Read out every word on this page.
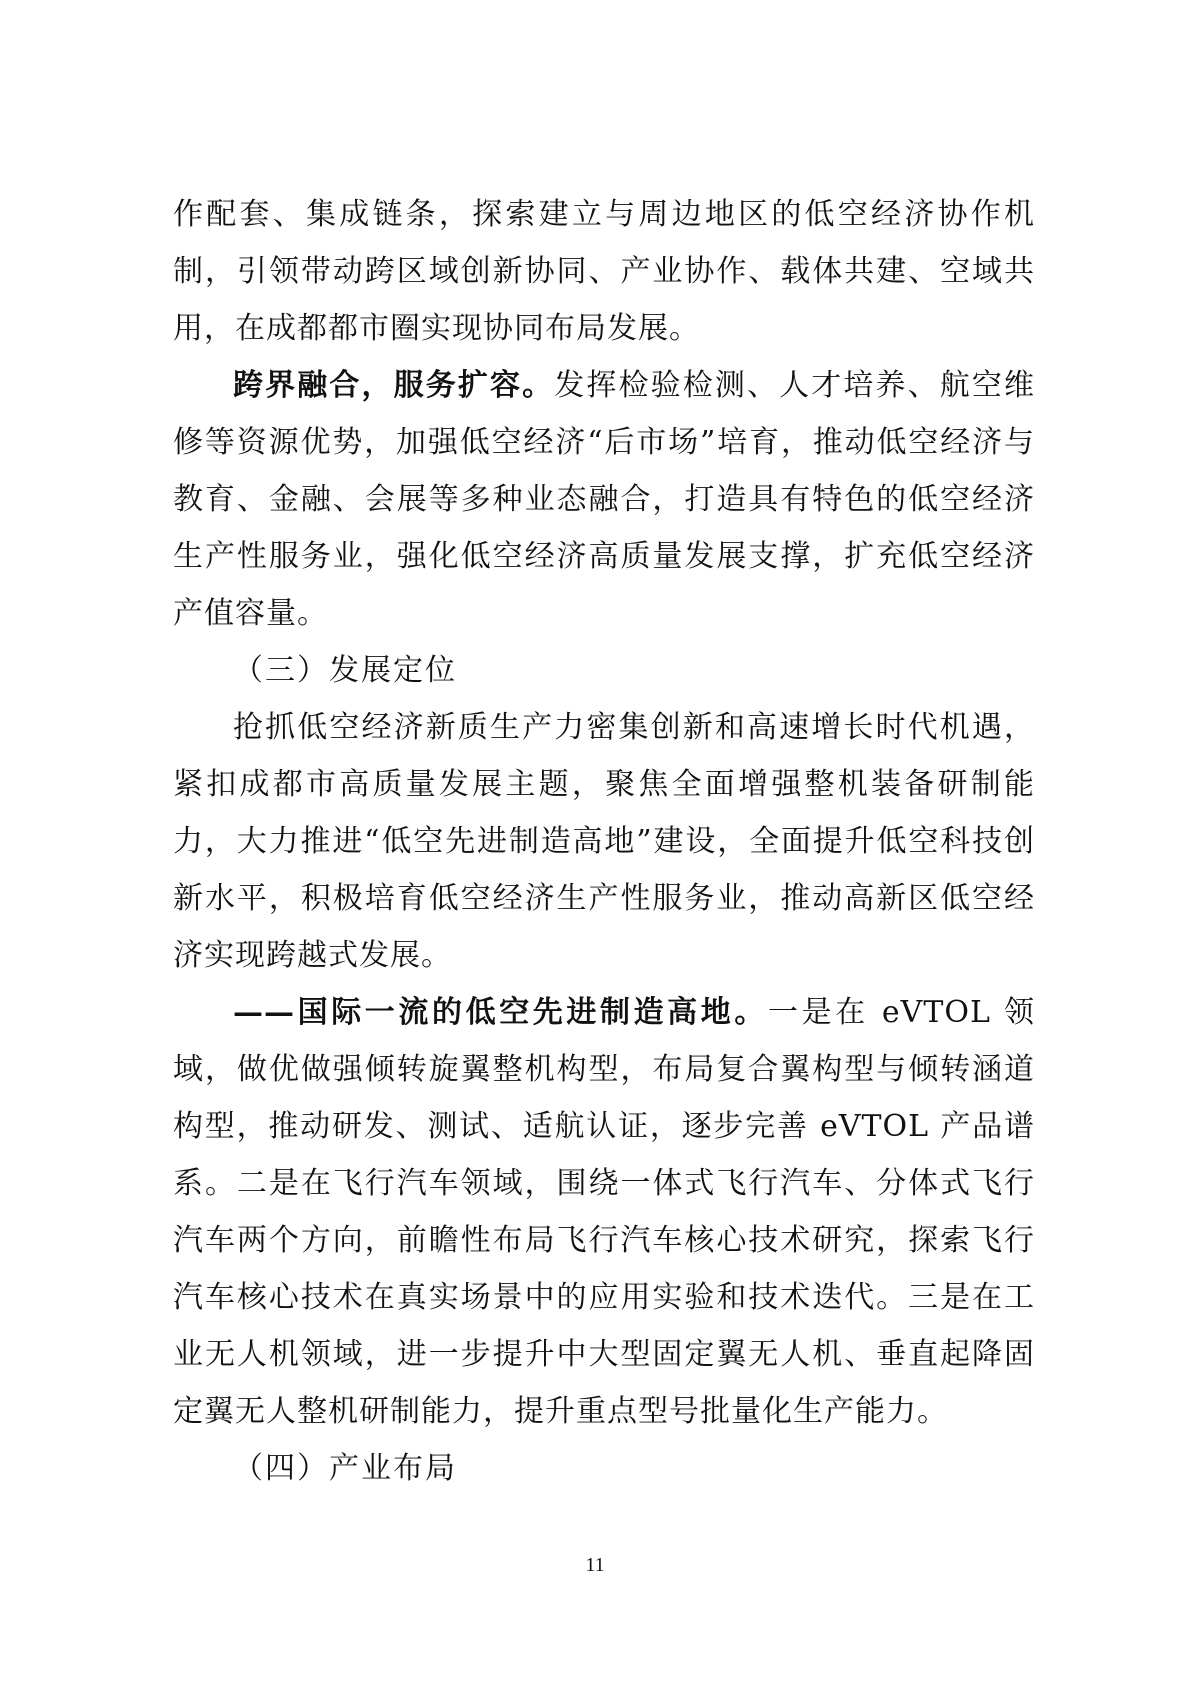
作配套、集成链条，探索建立与周边地区的低空经济协作机制，引领带动跨区域创新协同、产业协作、载体共建、空域共用，在成都都市圈实现协同布局发展。

跨界融合，服务扩容。发挥检验检测、人才培养、航空维修等资源优势，加强低空经济“后市场”培育，推动低空经济与教育、金融、会展等多种业态融合，打造具有特色的低空经济生产性服务业，强化低空经济高质量发展支撑，扩充低空经济产值容量。

（三）发展定位

抢抓低空经济新质生产力密集创新和高速增长时代机遇，紧扣成都市高质量发展主题，聚焦全面增强整机装备研制能力，大力推进“低空先进制造高地”建设，全面提升低空科技创新水平，积极培育低空经济生产性服务业，推动高新区低空经济实现跨越式发展。

——国际一流的低空先进制造高地。一是在 eVTOL 领域，做优做强倾转旋翼整机构型，布局复合翼构型与倾转涵道构型，推动研发、测试、适航认证，逐步完善 eVTOL 产品谱系。二是在飞行汽车领域，围绕一体式飞行汽车、分体式飞行汽车两个方向，前瞻性布局飞行汽车核心技术研究，探索飞行汽车核心技术在真实场景中的应用实验和技术迭代。三是在工业无人机领域，进一步提升中大型固定翼无人机、垂直起降固定翼无人整机研制能力，提升重点型号批量化生产能力。

（四）产业布局

11
